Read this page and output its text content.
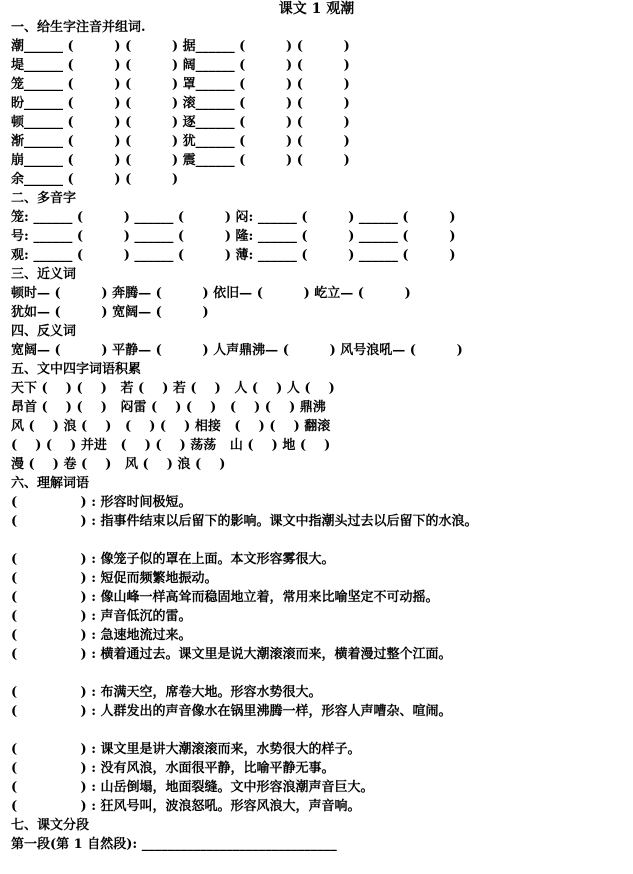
课文 1 观潮
一、给生字注音并组词.
潮______ (         ) (         ) 据______ (         ) (         )
堤______ (         ) (         ) 阔______ (         ) (         )
笼______ (         ) (         ) 罩______ (         ) (         )
盼______ (         ) (         ) 滚______ (         ) (         )
顿______ (         ) (         ) 逐______ (         ) (         )
渐______ (         ) (         ) 犹______ (         ) (         )
崩______ (         ) (         ) 震______ (         ) (         )
余______ (         ) (         )
二、多音字
笼: ______ (         ) ______ (         ) 闷: ______ (         ) ______ (         )
号: ______ (         ) ______ (         ) 隆: ______ (         ) ______ (         )
观: ______ (         ) ______ (         ) 薄: ______ (         ) ______ (         )
三、近义词
顿时— (         ) 奔腾— (         ) 依旧— (         ) 屹立— (         )
犹如— (         ) 宽阔— (         )
四、反义词
宽阔— (         ) 平静— (         ) 人声鼎沸— (         ) 风号浪吼— (         )
五、文中四字词语积累
天下 (    ) (    )   若 (    ) 若 (    )   人 (    ) 人 (    )
昂首 (    ) (    )   闷雷 (    ) (    )   (    ) (    ) 鼎沸
风 (    ) 浪 (    )   (    ) (    ) 相接   (    ) (    ) 翻滚
(    ) (    ) 并进   (    ) (    ) 荡荡   山 (    ) 地 (    )
漫 (    ) 卷 (    )   风 (    ) 浪 (    )
六、理解词语
(              ) : 形容时间极短。
(              ) : 指事件结束以后留下的影响。课文中指潮头过去以后留下的水浪。
(              ) : 像笼子似的罩在上面。本文形容雾很大。
(              ) : 短促而频繁地振动。
(              ) : 像山峰一样高耸而稳固地立着，常用来比喻坚定不可动摇。
(              ) : 声音低沉的雷。
(              ) : 急速地流过来。
(              ) : 横着通过去。课文里是说大潮滚滚而来，横着漫过整个江面。
(              ) : 布满天空，席卷大地。形容水势很大。
(              ) : 人群发出的声音像水在锅里沸腾一样，形容人声嘈杂、喧闹。
(              ) : 课文里是讲大潮滚滚而来，水势很大的样子。
(              ) : 没有风浪，水面很平静，比喻平静无事。
(              ) : 山岳倒塌，地面裂缝。文中形容浪潮声音巨大。
(              ) : 狂风号叫，波浪怒吼。形容风浪大，声音响。
七、课文分段
第一段(第 1 自然段): ______________________________
